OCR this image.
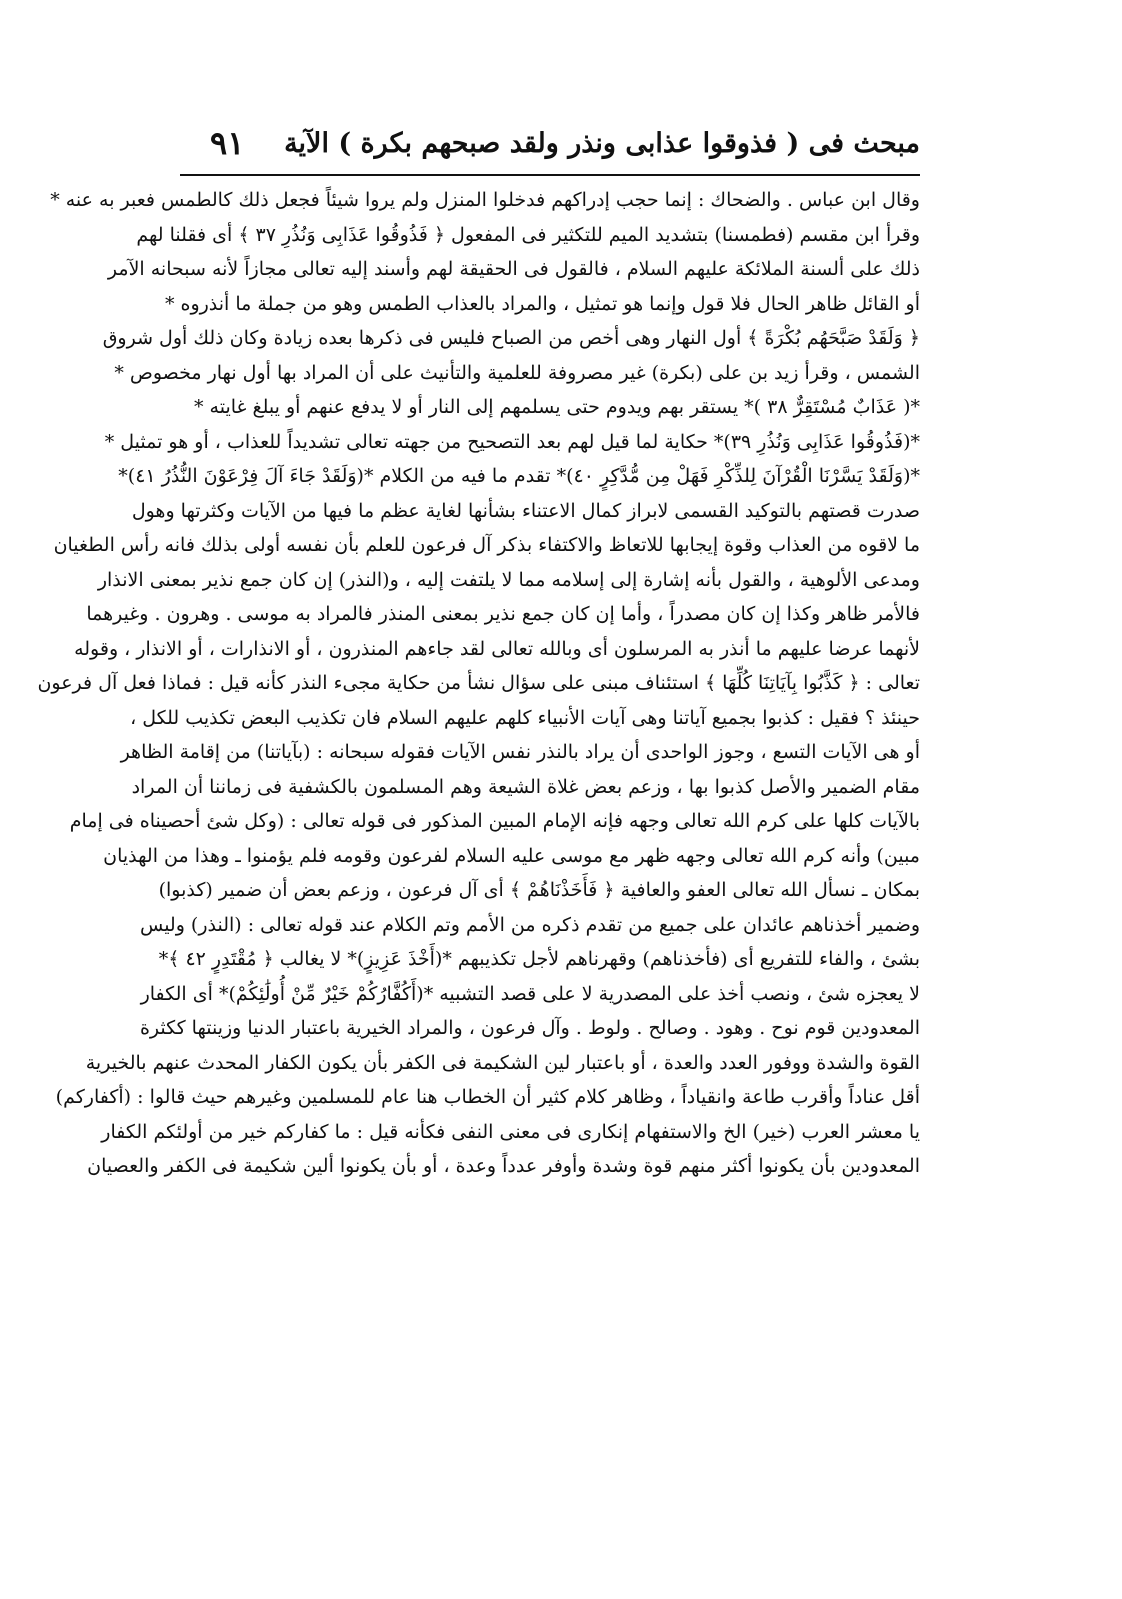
مبحث فى ( فذوقوا عذابى ونذر ولقد صبحهم بكرة ) الآية
٩١
وقال ابن عباس . والضحاك : إنما حجب إدراكهم فدخلوا المنزل ولم يروا شيئاً فجعل ذلك كالطمس فعبر به عنه *
وقرأ ابن مقسم (فطمسنا) بتشديد الميم للتكثير فى المفعول ﴿ فَذُوقُوا عَذَابِى وَنُذُرِ ٣٧ ﴾ أى فقلنا لهم
ذلك على ألسنة الملائكة عليهم السلام ، فالقول فى الحقيقة لهم وأسند إليه تعالى مجازاً لأنه سبحانه الآمر
أو القائل ظاهر الحال فلا قول وإنما هو تمثيل ، والمراد بالعذاب الطمس وهو من جملة ما أنذروه *
﴿ وَلَقَدْ صَبَّحَهُم بُكْرَةً ﴾ أول النهار وهى أخص من الصباح فليس فى ذكرها بعده زيادة وكان ذلك أول شروق
الشمس ، وقرأ زيد بن على (بكرة) غير مصروفة للعلمية والتأنيث على أن المراد بها أول نهار مخصوص *
*( عَذَابٌ مُسْتَقِرٌّ ٣٨ )* يستقر بهم ويدوم حتى يسلمهم إلى النار أو لا يدفع عنهم أو يبلغ غايته *
*(فَذُوقُوا عَذَابِى وَنُذُرِ ٣٩)* حكاية لما قيل لهم بعد التصحيح من جهته تعالى تشديداً للعذاب ، أو هو تمثيل *
*(وَلَقَدْ يَسَّرْنَا الْقُرْآنَ لِلذِّكْرِ فَهَلْ مِن مُّدَّكِرٍ ٤٠)* تقدم ما فيه من الكلام *(وَلَقَدْ جَاءَ آلَ فِرْعَوْنَ النُّذُرُ ٤١)*
صدرت قصتهم بالتوكيد القسمى لابراز كمال الاعتناء بشأنها لغاية عظم ما فيها من الآيات وكثرتها وهول
ما لاقوه من العذاب وقوة إيجابها للاتعاظ والاكتفاء بذكر آل فرعون للعلم بأن نفسه أولى بذلك فانه رأس الطغيان
ومدعى الألوهية ، والقول بأنه إشارة إلى إسلامه مما لا يلتفت إليه ، و(النذر) إن كان جمع نذير بمعنى الانذار
فالأمر ظاهر وكذا إن كان مصدراً ، وأما إن كان جمع نذير بمعنى المنذر فالمراد به موسى . وهرون . وغيرهما
لأنهما عرضا عليهم ما أنذر به المرسلون أى وبالله تعالى لقد جاءهم المنذرون ، أو الانذارات ، أو الانذار ، وقوله
تعالى : ﴿ كَذَّبُوا بِآيَاتِنَا كُلِّهَا ﴾ استئناف مبنى على سؤال نشأ من حكاية مجىء النذر كأنه قيل : فماذا فعل آل فرعون
حينئذ ؟ فقيل : كذبوا بجميع آياتنا وهى آيات الأنبياء كلهم عليهم السلام فان تكذيب البعض تكذيب للكل ،
أو هى الآيات التسع ، وجوز الواحدى أن يراد بالنذر نفس الآيات فقوله سبحانه : (بآياتنا) من إقامة الظاهر
مقام الضمير والأصل كذبوا بها ، وزعم بعض غلاة الشيعة وهم المسلمون بالكشفية فى زماننا أن المراد
بالآيات كلها على كرم الله تعالى وجهه فإنه الإمام المبين المذكور فى قوله تعالى : (وكل شئ أحصيناه فى إمام
مبين) وأنه كرم الله تعالى وجهه ظهر مع موسى عليه السلام لفرعون وقومه فلم يؤمنوا ـ وهذا من الهذيان
بمكان ـ نسأل الله تعالى العفو والعافية ﴿ فَأَخَذْنَاهُمْ ﴾ أى آل فرعون ، وزعم بعض أن ضمير (كذبوا)
وضمير أخذناهم عائدان على جميع من تقدم ذكره من الأمم وتم الكلام عند قوله تعالى : (النذر) وليس
بشئ ، والفاء للتفريع أى (فأخذناهم) وقهرناهم لأجل تكذيبهم *(أَخْذَ عَزِيزٍ)* لا يغالب ﴿ مُقْتَدِرٍ ٤٢ ﴾*
لا يعجزه شئ ، ونصب أخذ على المصدرية لا على قصد التشبيه *(أَكُفَّارُكُمْ خَيْرٌ مِّنْ أُولَٰئِكُمْ)* أى الكفار
المعدودين قوم نوح . وهود . وصالح . ولوط . وآل فرعون ، والمراد الخيرية باعتبار الدنيا وزينتها ككثرة
القوة والشدة ووفور العدد والعدة ، أو باعتبار لين الشكيمة فى الكفر بأن يكون الكفار المحدث عنهم بالخيرية
أقل عناداً وأقرب طاعة وانقياداً ، وظاهر كلام كثير أن الخطاب هنا عام للمسلمين وغيرهم حيث قالوا : (أكفاركم)
يا معشر العرب (خير) الخ والاستفهام إنكارى فى معنى النفى فكأنه قيل : ما كفاركم خير من أولئكم الكفار
المعدودين بأن يكونوا أكثر منهم قوة وشدة وأوفر عدداً وعدة ، أو بأن يكونوا ألين شكيمة فى الكفر والعصيان
